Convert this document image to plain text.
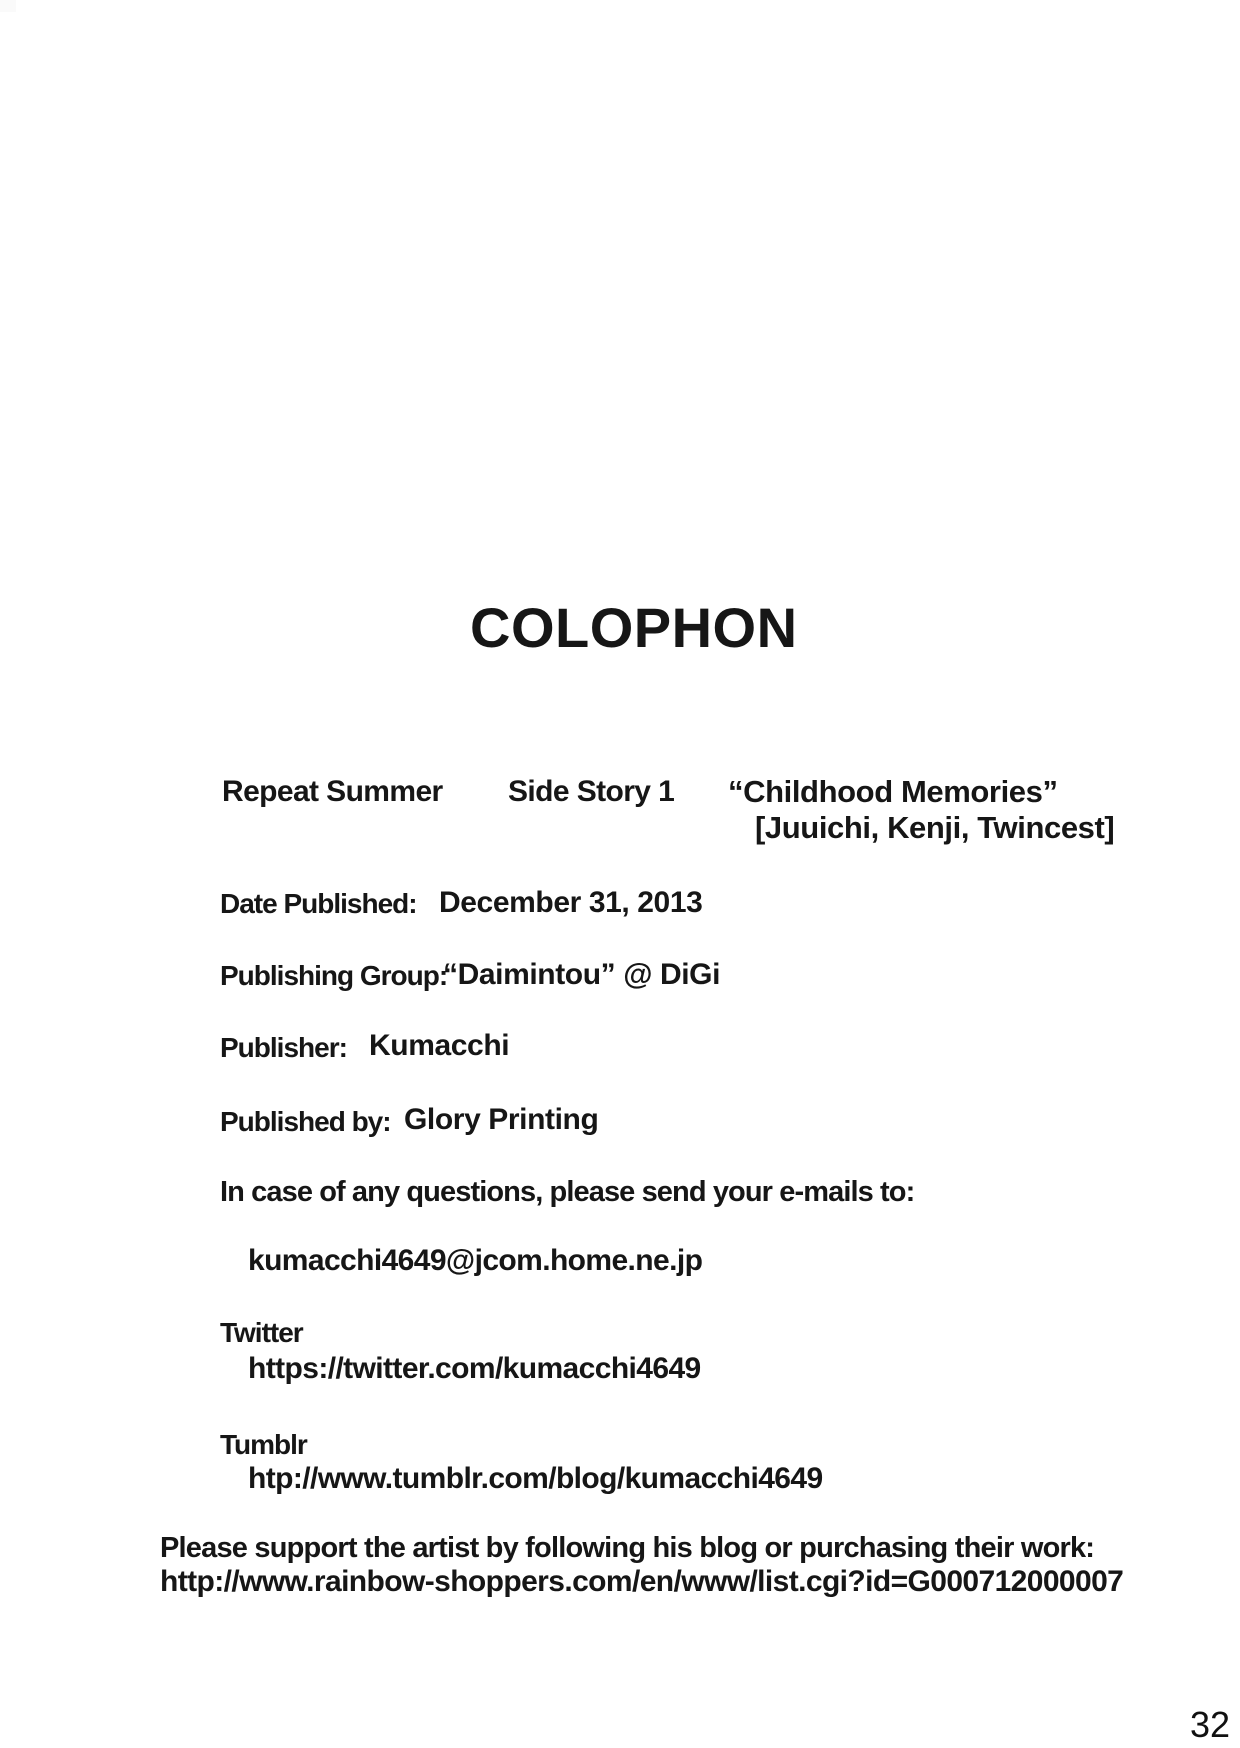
COLOPHON
Repeat Summer Side Story 1 “Childhood Memories”
[Juuichi, Kenji, Twincest]
Date Published: December 31, 2013
Publishing Group:
“Daimintou” @ DiGi
Publisher: Kumacchi
Published by: Glory Printing
In case of any questions, please send your e-mails to:
kumacchi4649@jcom.home.ne.jp
Twitter
https://twitter.com/kumacchi4649
Tumblr
htp://www.tumblr.com/blog/kumacchi4649
Please support the artist by following his blog or purchasing their work:
http://www.rainbow-shoppers.com/en/www/list.cgi?id=G000712000007
32
